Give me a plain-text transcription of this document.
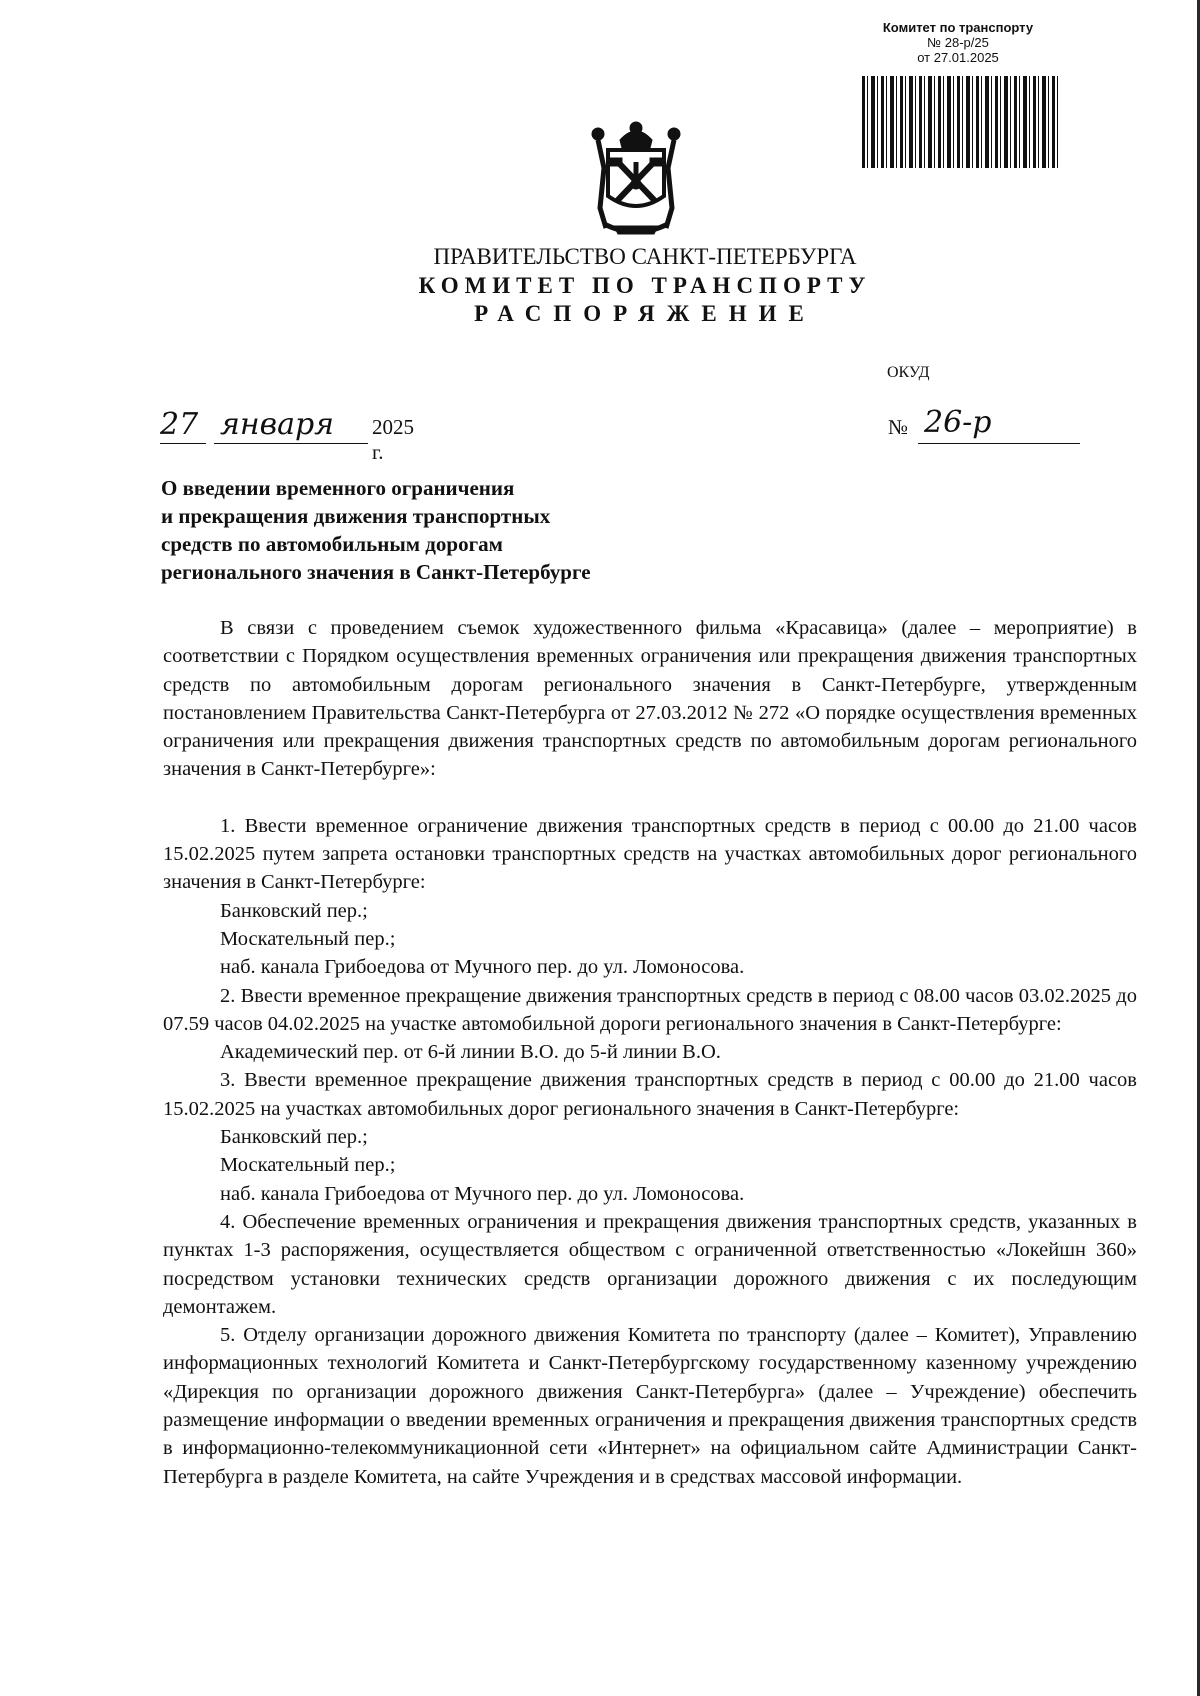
Комитет по транспорту
№ 28-р/25
от 27.01.2025
ПРАВИТЕЛЬСТВО САНКТ-ПЕТЕРБУРГА
КОМИТЕТ ПО ТРАНСПОРТУ
РАСПОРЯЖЕНИЕ
ОКУД
27 января 2025 г.
№ 26-р
О введении временного ограничения
и прекращения движения транспортных
средств по автомобильным дорогам
регионального значения в Санкт-Петербурге

В связи с проведением съемок художественного фильма «Красавица» (далее – мероприятие) в соответствии с Порядком осуществления временных ограничения или прекращения движения транспортных средств по автомобильным дорогам регионального значения в Санкт-Петербурге, утвержденным постановлением Правительства Санкт-Петербурга от 27.03.2012 № 272 «О порядке осуществления временных ограничения или прекращения движения транспортных средств по автомобильным дорогам регионального значения в Санкт-Петербурге»:

1. Ввести временное ограничение движения транспортных средств в период с 00.00 до 21.00 часов 15.02.2025 путем запрета остановки транспортных средств на участках автомобильных дорог регионального значения в Санкт-Петербурге:

Банковский пер.;

Москательный пер.;

наб. канала Грибоедова от Мучного пер. до ул. Ломоносова.

2. Ввести временное прекращение движения транспортных средств в период с 08.00 часов 03.02.2025 до 07.59 часов 04.02.2025 на участке автомобильной дороги регионального значения в Санкт-Петербурге:

Академический пер. от 6-й линии В.О. до 5-й линии В.О.

3. Ввести временное прекращение движения транспортных средств в период с 00.00 до 21.00 часов 15.02.2025 на участках автомобильных дорог регионального значения в Санкт-Петербурге:

Банковский пер.;

Москательный пер.;

наб. канала Грибоедова от Мучного пер. до ул. Ломоносова.

4. Обеспечение временных ограничения и прекращения движения транспортных средств, указанных в пунктах 1-3 распоряжения, осуществляется обществом с ограниченной ответственностью «Локейшн 360» посредством установки технических средств организации дорожного движения с их последующим демонтажем.

5. Отделу организации дорожного движения Комитета по транспорту (далее – Комитет), Управлению информационных технологий Комитета и Санкт-Петербургскому государственному казенному учреждению «Дирекция по организации дорожного движения Санкт-Петербурга» (далее – Учреждение) обеспечить размещение информации о введении временных ограничения и прекращения движения транспортных средств в информационно-телекоммуникационной сети «Интернет» на официальном сайте Администрации Санкт-Петербурга в разделе Комитета, на сайте Учреждения и в средствах массовой информации.
